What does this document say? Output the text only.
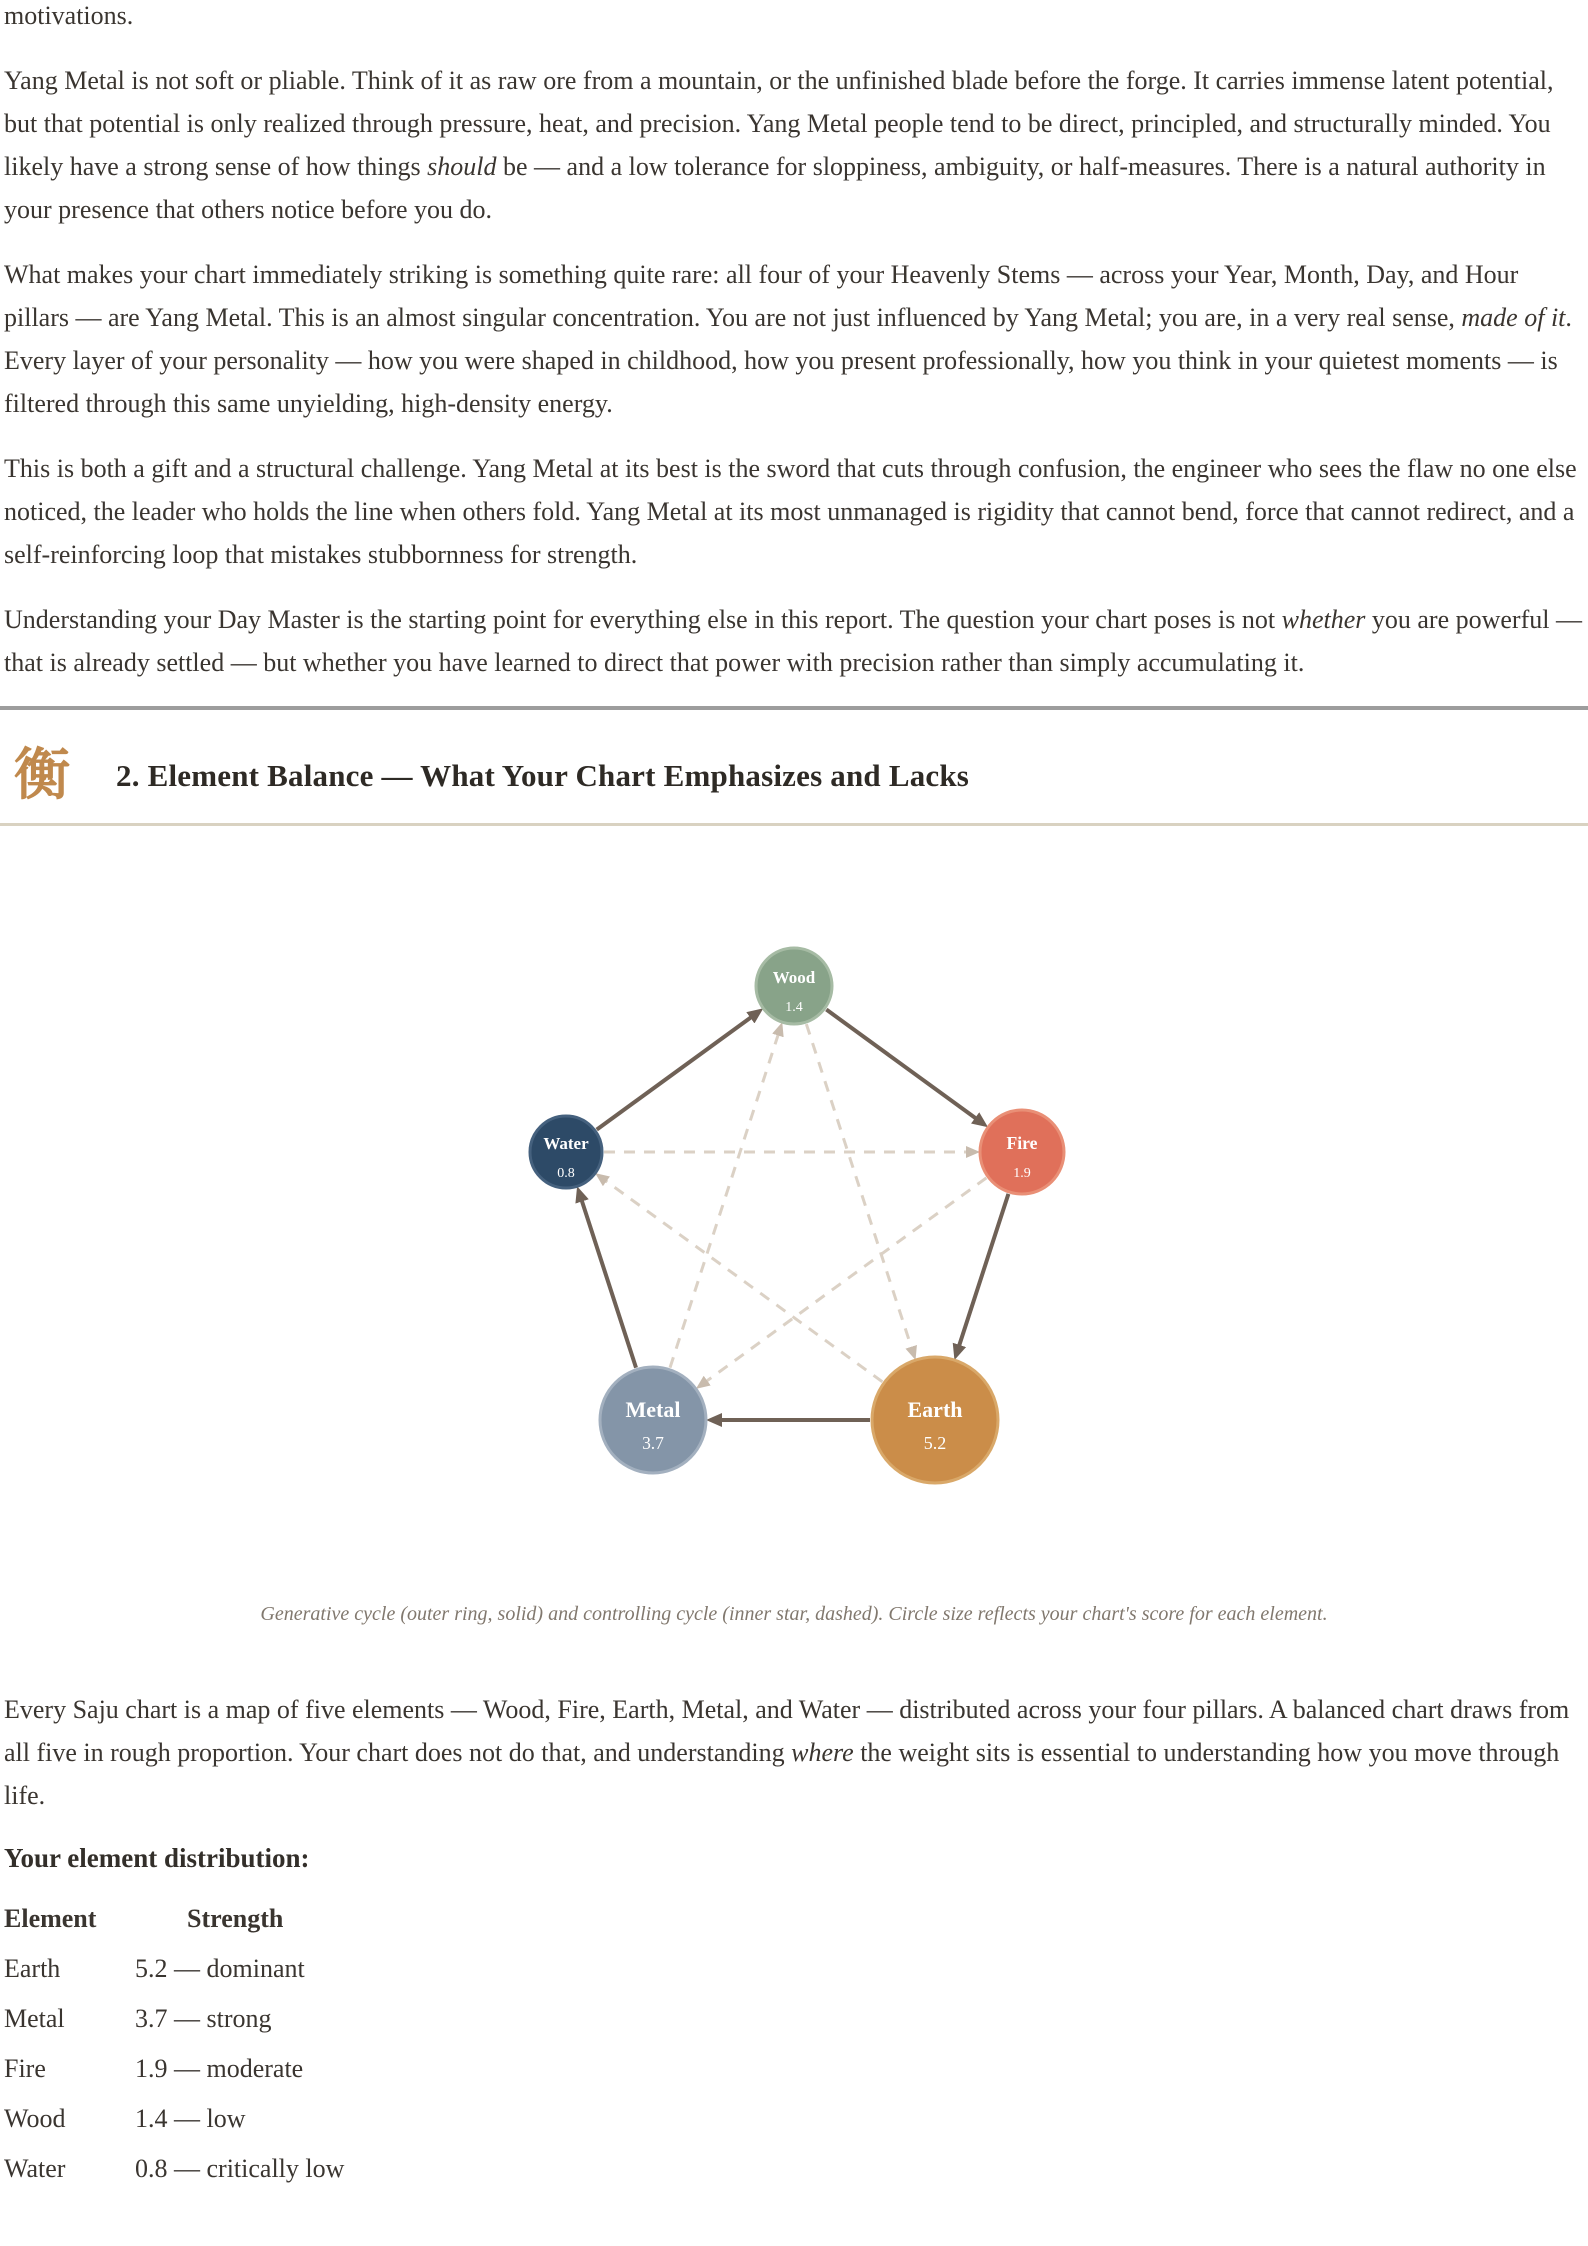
motivations.

Yang Metal is not soft or pliable. Think of it as raw ore from a mountain, or the unfinished blade before the forge. It carries immense latent potential, but that potential is only realized through pressure, heat, and precision. Yang Metal people tend to be direct, principled, and structurally minded. You likely have a strong sense of how things should be — and a low tolerance for sloppiness, ambiguity, or half-measures. There is a natural authority in your presence that others notice before you do.

What makes your chart immediately striking is something quite rare: all four of your Heavenly Stems — across your Year, Month, Day, and Hour pillars — are Yang Metal. This is an almost singular concentration. You are not just influenced by Yang Metal; you are, in a very real sense, made of it. Every layer of your personality — how you were shaped in childhood, how you present professionally, how you think in your quietest moments — is filtered through this same unyielding, high-density energy.

This is both a gift and a structural challenge. Yang Metal at its best is the sword that cuts through confusion, the engineer who sees the flaw no one else noticed, the leader who holds the line when others fold. Yang Metal at its most unmanaged is rigidity that cannot bend, force that cannot redirect, and a self-reinforcing loop that mistakes stubbornness for strength.

Understanding your Day Master is the starting point for everything else in this report. The question your chart poses is not whether you are powerful — that is already settled — but whether you have learned to direct that power with precision rather than simply accumulating it.

衡 2. Element Balance — What Your Chart Emphasizes and Lacks
Wood
1.4
Fire
1.9
Earth
5.2
Metal
3.7
Water
0.8
Generative cycle (outer ring, solid) and controlling cycle (inner star, dashed). Circle size reflects your chart's score for each element.

Every Saju chart is a map of five elements — Wood, Fire, Earth, Metal, and Water — distributed across your four pillars. A balanced chart draws from all five in rough proportion. Your chart does not do that, and understanding where the weight sits is essential to understanding how you move through life.

Your element distribution:

Element	Strength
Earth	5.2 — dominant
Metal	3.7 — strong
Fire	1.9 — moderate
Wood	1.4 — low
Water	0.8 — critically low
